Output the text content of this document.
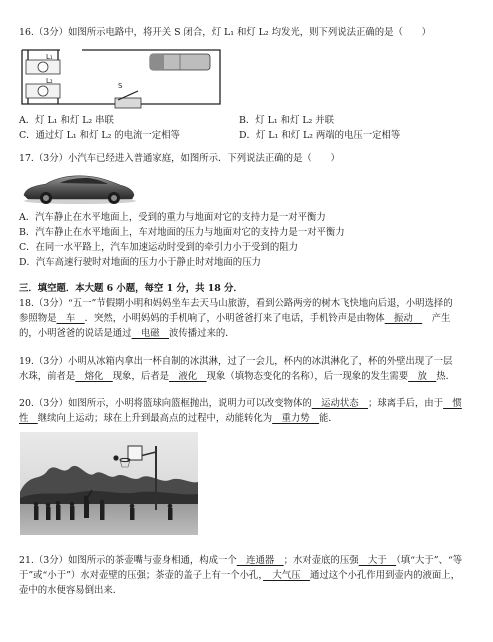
16.（3分）如图所示电路中，将开关 S 闭合，灯 L₁ 和灯 L₂ 均发光，则下列说法正确的是（　　）
L₁
L₂
S
A．灯 L₁ 和灯 L₂ 串联	B．灯 L₁ 和灯 L₂ 并联
C．通过灯 L₁ 和灯 L₂ 的电流一定相等	D．灯 L₁ 和灯 L₂ 两端的电压一定相等
17.（3分）小汽车已经进入普通家庭，如图所示．下列说法正确的是（　　）
A．汽车静止在水平地面上，受到的重力与地面对它的支持力是一对平衡力
B．汽车静止在水平地面上，车对地面的压力与地面对它的支持力是一对平衡力
C．在同一水平路上，汽车加速运动时受到的牵引力小于受到的阻力
D．汽车高速行驶时对地面的压力小于静止时对地面的压力
三．填空题．本大题 6 小题，每空 1 分，共 18 分．
18.（3分）“五一”节假期小明和妈妈坐车去天马山旅游，看到公路两旁的树木飞快地向后退，小明选择的
参照物是　车　．突然，小明妈妈的手机响了，小明爸爸打来了电话，手机铃声是由物体　振动　　产生
的，小明爸爸的说话是通过　电磁　波传播过来的．
19.（3分）小明从冰箱内拿出一杯自制的冰淇淋，过了一会儿，杯内的冰淇淋化了，杯的外壁出现了一层
水珠，前者是　熔化　现象，后者是　液化　现象（填物态变化的名称），后一现象的发生需要　放　热．
20.（3分）如图所示，小明将篮球向篮框抛出，说明力可以改变物体的　运动状态　；球离手后，由于　惯
性　继续向上运动；球在上升到最高点的过程中，动能转化为　重力势　能．
21.（3分）如图所示的茶壶嘴与壶身相通，构成一个　连通器　；水对壶底的压强　大于　（填“大于”、“等
于”或“小于”）水对壶壁的压强；茶壶的盖子上有一个小孔，　大气压　通过这个小孔作用到壶内的液面上，
壶中的水便容易倒出来．
